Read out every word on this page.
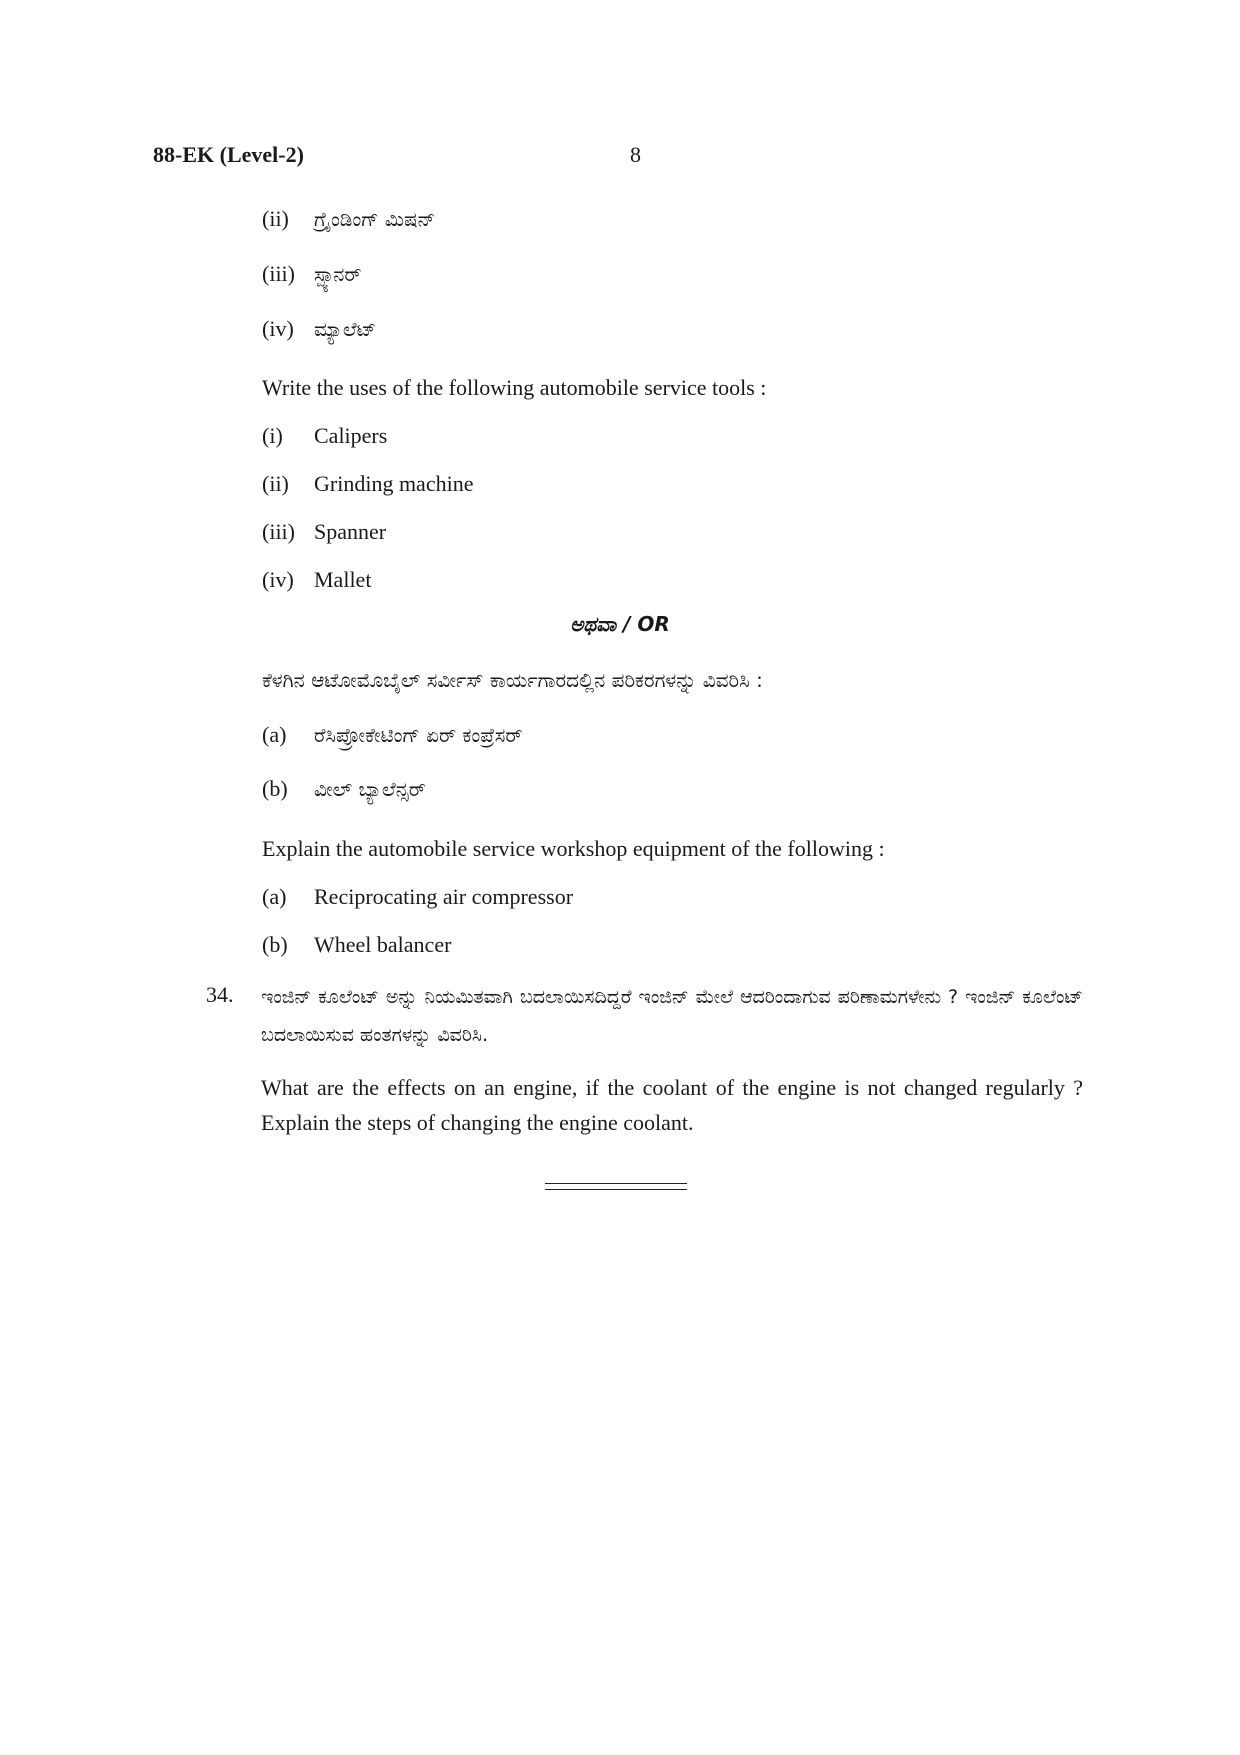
88-EK (Level-2)	8
(ii) ಗ್ರೈಂಡಿಂಗ್ ಮಿಷನ್
(iii) ಸ್ಪ್ಯಾನರ್
(iv) ಮ್ಯಾಲೆಟ್
Write the uses of the following automobile service tools :
(i) Calipers
(ii) Grinding machine
(iii) Spanner
(iv) Mallet
ಅಥವಾ / OR
ಕೆಳಗಿನ ಆಟೋಮೊಬೈಲ್ ಸರ್ವೀಸ್ ಕಾರ್ಯಗಾರದಲ್ಲಿನ ಪರಿಕರಗಳನ್ನು ವಿವರಿಸಿ :
(a) ರೆಸಿಪ್ರೋಕೇಟಿಂಗ್ ಏರ್ ಕಂಪ್ರೆಸರ್
(b) ವೀಲ್ ಬ್ಯಾಲೆನ್ಸರ್
Explain the automobile service workshop equipment of the following :
(a) Reciprocating air compressor
(b) Wheel balancer
34. ಇಂಜಿನ್ ಕೂಲೆಂಟ್ ಅನ್ನು ನಿಯಮಿತವಾಗಿ ಬದಲಾಯಿಸದಿದ್ದರೆ ಇಂಜಿನ್ ಮೇಲೆ ಆದರಿಂದಾಗುವ ಪರಿಣಾಮಗಳೇನು ? ಇಂಜಿನ್ ಕೂಲೆಂಟ್ ಬದಲಾಯಿಸುವ ಹಂತಗಳನ್ನು ವಿವರಿಸಿ.
What are the effects on an engine, if the coolant of the engine is not changed regularly ? Explain the steps of changing the engine coolant.
